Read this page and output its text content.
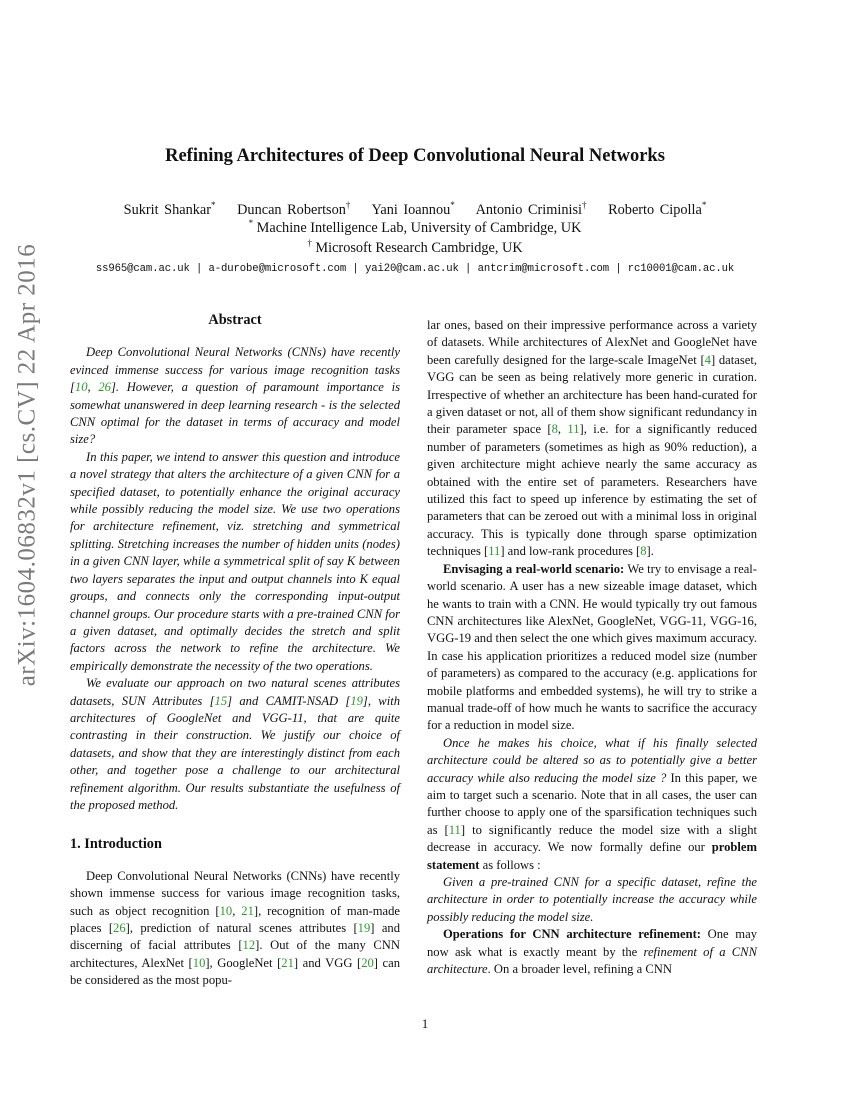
arXiv:1604.06832v1 [cs.CV] 22 Apr 2016
Refining Architectures of Deep Convolutional Neural Networks
Sukrit Shankar* Duncan Robertson† Yani Ioannou* Antonio Criminisi† Roberto Cipolla*
* Machine Intelligence Lab, University of Cambridge, UK
† Microsoft Research Cambridge, UK
ss965@cam.ac.uk | a-durobe@microsoft.com | yai20@cam.ac.uk | antcrim@microsoft.com | rc10001@cam.ac.uk
Abstract

Deep Convolutional Neural Networks (CNNs) have recently evinced immense success for various image recognition tasks [10, 26]. However, a question of paramount importance is somewhat unanswered in deep learning research - is the selected CNN optimal for the dataset in terms of accuracy and model size?

In this paper, we intend to answer this question and introduce a novel strategy that alters the architecture of a given CNN for a specified dataset, to potentially enhance the original accuracy while possibly reducing the model size. We use two operations for architecture refinement, viz. stretching and symmetrical splitting. Stretching increases the number of hidden units (nodes) in a given CNN layer, while a symmetrical split of say K between two layers separates the input and output channels into K equal groups, and connects only the corresponding input-output channel groups. Our procedure starts with a pre-trained CNN for a given dataset, and optimally decides the stretch and split factors across the network to refine the architecture. We empirically demonstrate the necessity of the two operations.

We evaluate our approach on two natural scenes attributes datasets, SUN Attributes [15] and CAMIT-NSAD [19], with architectures of GoogleNet and VGG-11, that are quite contrasting in their construction. We justify our choice of datasets, and show that they are interestingly distinct from each other, and together pose a challenge to our architectural refinement algorithm. Our results substantiate the usefulness of the proposed method.

1. Introduction

Deep Convolutional Neural Networks (CNNs) have recently shown immense success for various image recognition tasks, such as object recognition [10, 21], recognition of man-made places [26], prediction of natural scenes attributes [19] and discerning of facial attributes [12]. Out of the many CNN architectures, AlexNet [10], GoogleNet [21] and VGG [20] can be considered as the most popu-

lar ones, based on their impressive performance across a variety of datasets. While architectures of AlexNet and GoogleNet have been carefully designed for the large-scale ImageNet [4] dataset, VGG can be seen as being relatively more generic in curation. Irrespective of whether an architecture has been hand-curated for a given dataset or not, all of them show significant redundancy in their parameter space [8, 11], i.e. for a significantly reduced number of parameters (sometimes as high as 90% reduction), a given architecture might achieve nearly the same accuracy as obtained with the entire set of parameters. Researchers have utilized this fact to speed up inference by estimating the set of parameters that can be zeroed out with a minimal loss in original accuracy. This is typically done through sparse optimization techniques [11] and low-rank procedures [8].

Envisaging a real-world scenario: We try to envisage a real-world scenario. A user has a new sizeable image dataset, which he wants to train with a CNN. He would typically try out famous CNN architectures like AlexNet, GoogleNet, VGG-11, VGG-16, VGG-19 and then select the one which gives maximum accuracy. In case his application prioritizes a reduced model size (number of parameters) as compared to the accuracy (e.g. applications for mobile platforms and embedded systems), he will try to strike a manual trade-off of how much he wants to sacrifice the accuracy for a reduction in model size.

Once he makes his choice, what if his finally selected architecture could be altered so as to potentially give a better accuracy while also reducing the model size ? In this paper, we aim to target such a scenario. Note that in all cases, the user can further choose to apply one of the sparsification techniques such as [11] to significantly reduce the model size with a slight decrease in accuracy. We now formally define our problem statement as follows :

Given a pre-trained CNN for a specific dataset, refine the architecture in order to potentially increase the accuracy while possibly reducing the model size.

Operations for CNN architecture refinement: One may now ask what is exactly meant by the refinement of a CNN architecture. On a broader level, refining a CNN

1
